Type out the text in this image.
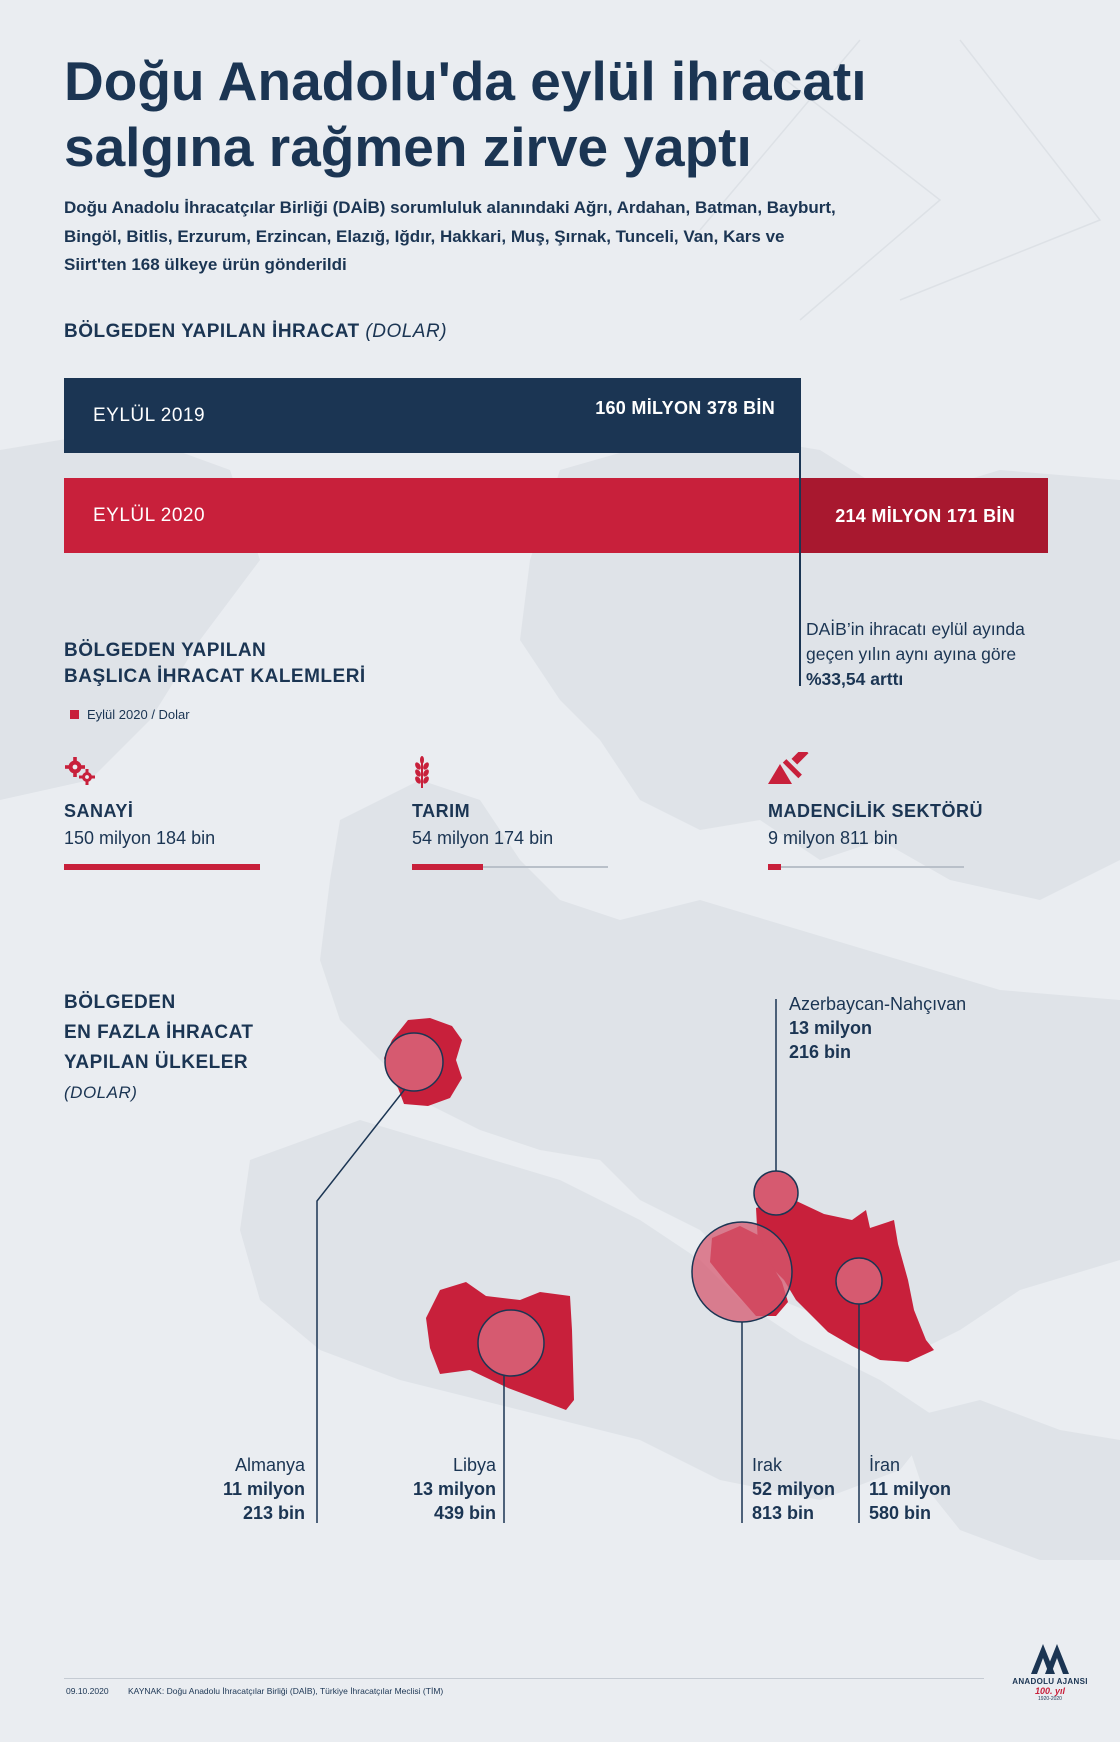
Doğu Anadolu'da eylül ihracatı salgına rağmen zirve yaptı
Doğu Anadolu İhracatçılar Birliği (DAİB) sorumluluk alanındaki Ağrı, Ardahan, Batman, Bayburt, Bingöl, Bitlis, Erzurum, Erzincan, Elazığ, Iğdır, Hakkari, Muş, Şırnak, Tunceli, Van, Kars ve Siirt'ten 168 ülkeye ürün gönderildi
BÖLGEDEN YAPILAN İHRACAT (DOLAR)
EYLÜL 2019	160 MİLYON 378 BİN
EYLÜL 2020	214 MİLYON 171 BİN
DAİB’in ihracatı eylül ayında
geçen yılın aynı ayına göre
%33,54 arttı
BÖLGEDEN YAPILAN
BAŞLICA İHRACAT KALEMLERİ
Eylül 2020 / Dolar
SANAYİ
150 milyon 184 bin
TARIM
54 milyon 174 bin
MADENCİLİK SEKTÖRÜ
9 milyon 811 bin
BÖLGEDEN
EN FAZLA İHRACAT
YAPILAN ÜLKELER
(DOLAR)
Azerbaycan-Nahçıvan
13 milyon
216 bin
Almanya
11 milyon
213 bin
Libya
13 milyon
439 bin
Irak
52 milyon
813 bin
İran
11 milyon
580 bin
09.10.2020 KAYNAK: Doğu Anadolu İhracatçılar Birliği (DAİB), Türkiye İhracatçılar Meclisi (TİM)
ANADOLU AJANSI
100. yıl
1920-2020
